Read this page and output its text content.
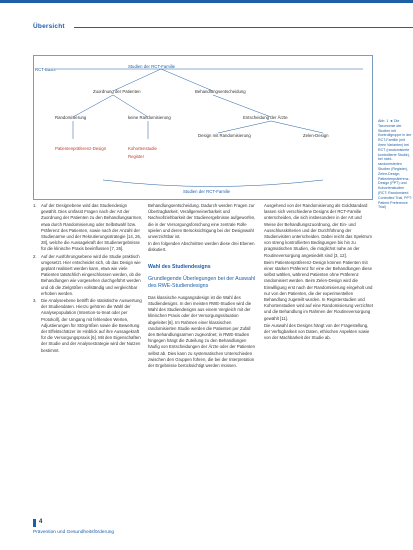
Übersicht
RCT-Basis
Studien der RCT-Familie
Zuordnung der Patienten	Behandlungsentscheidung
Randomisierung	keine Randomisierung	Entscheidung der Ärzte
Design mit Randomisierung	Zelen-Design
Patientenpräferenz-Design	Kohortenstudie
Register
Studien der RCT-Familie
Abb. 1 ◄ Die Taxonomie der Studien mit Kontrollgruppe in der RCT-Familie (mit ihren Varianten) bei RCT (randomisierte kontrollierte Studie), bei nicht-randomisierten Studien (Register), Zelen-Design, Patientenpräferenz-Design (PPT) und Kohortenstudien (RCT: Randomized Controlled Trial, PPT: Patient Preference Trial)

1. Auf der Designebene wird das Studiendesign gewählt. Dies umfasst Fragen nach der Art der Zuordnung der Patienten zu den Behandlungsarmen, etwa durch Randomisierung oder Selbstwahl bzw. Präferenz des Patienten, sowie nach der Anzahl der Studienarme und der Rekrutierungsstrategie [14, 26, 28], welche die Aussagekraft der Studienergebnisse für die klinische Praxis beeinflussen [7, 26].

2. Auf der Ausführungsebene wird die Studie praktisch umgesetzt. Hier entscheidet sich, ob das Design wie geplant realisiert werden kann, etwa wie viele Patienten tatsächlich eingeschlossen werden, ob die Behandlungen wie vorgesehen durchgeführt werden und ob die Zielgrößen vollständig und vergleichbar erhoben werden.

3. Die Analyseebene betrifft die statistische Auswertung der Studiendaten. Hierzu gehören die Wahl der Analysepopulation (Intention-to-treat oder per Protokoll), der Umgang mit fehlenden Werten, Adjustierungen für Störgrößen sowie die Bewertung der Effektschätzer im Hinblick auf ihre Aussagekraft für die Versorgungspraxis [6]. Mit den Eigenschaften der Studie und der Analysestrategie wird der Nutzen bestimmt.

Behandlungsentscheidung. Dadurch werden Fragen zur Übertragbarkeit, Verallgemeinerbarkeit und Nachvollziehbarkeit der Studienergebnisse aufgeworfen, die in der Versorgungsforschung eine zentrale Rolle spielen und deren Berücksichtigung bei der Designwahl unverzichtbar ist.

In den folgenden Abschnitten werden diese drei Ebenen diskutiert.

Wahl des Studiendesigns

Grundlegende Überlegungen bei der Auswahl des RWE-Studiendesigns

Das klassische Ausgangsdesign ist die Wahl des Studiendesigns. In den meisten RWE-Studien wird die Wahl des Studiendesigns aus einem Vergleich mit der klinischen Praxis oder der Versorgungssituation abgeleitet [6]. Im Rahmen einer klassischen randomisierten Studie werden die Patienten per Zufall den Behandlungsarmen zugeordnet; in RWE-Studien hingegen hängt die Zuteilung zu den Behandlungen häufig von Entscheidungen der Ärzte oder der Patienten selbst ab. Dies kann zu systematischen Unterschieden zwischen den Gruppen führen, die bei der Interpretation der Ergebnisse berücksichtigt werden müssen.

Ausgehend von der Randomisierung als Goldstandard lassen sich verschiedene Designs der RCT-Familie unterscheiden, die sich insbesondere in der Art und Weise der Behandlungszuordnung, der Ein- und Ausschlusskriterien und der Durchführung der Studienvisiten unterscheiden. Dabei reicht das Spektrum von streng kontrollierten Bedingungen bis hin zu pragmatischen Studien, die möglichst nahe an der Routineversorgung angesiedelt sind [3, 12].

Beim Patientenpräferenz-Design können Patienten mit einer starken Präferenz für eine der Behandlungen diese selbst wählen, während Patienten ohne Präferenz randomisiert werden. Beim Zelen-Design wird die Einwilligung erst nach der Randomisierung eingeholt und nur von den Patienten, die der experimentellen Behandlung zugeteilt wurden. In Registerstudien und Kohortenstudien wird auf eine Randomisierung verzichtet und die Behandlung im Rahmen der Routineversorgung gewählt [11].

Die Auswahl des Designs hängt von der Fragestellung, der Verfügbarkeit von Daten, ethischen Aspekten sowie von der Machbarkeit der Studie ab.

4
Prävention und Gesundheitsförderung
